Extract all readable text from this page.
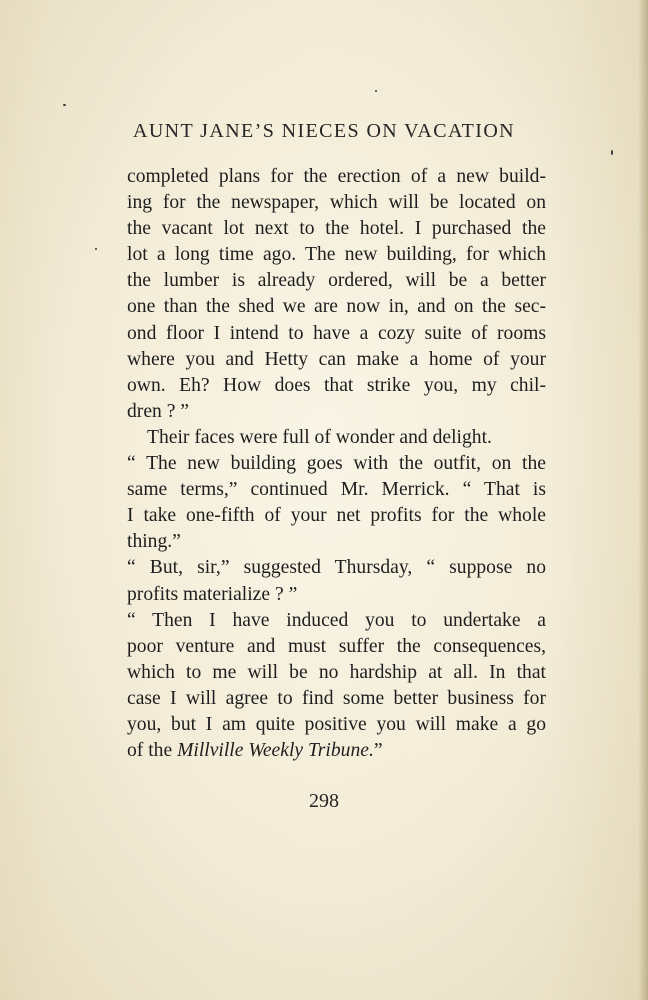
AUNT JANE’S NIECES ON VACATION
completed plans for the erection of a new build-
ing for the newspaper, which will be located on
the vacant lot next to the hotel. I purchased the
lot a long time ago. The new building, for which
the lumber is already ordered, will be a better
one than the shed we are now in, and on the sec-
ond floor I intend to have a cozy suite of rooms
where you and Hetty can make a home of your
own. Eh? How does that strike you, my chil-
dren ? ”
Their faces were full of wonder and delight.
“ The new building goes with the outfit, on the
same terms,” continued Mr. Merrick. “ That is
I take one-fifth of your net profits for the whole
thing.”
“ But, sir,” suggested Thursday, “ suppose no
profits materialize ? ”
“ Then I have induced you to undertake a
poor venture and must suffer the consequences,
which to me will be no hardship at all. In that
case I will agree to find some better business for
you, but I am quite positive you will make a go
of the Millville Weekly Tribune.”
298
